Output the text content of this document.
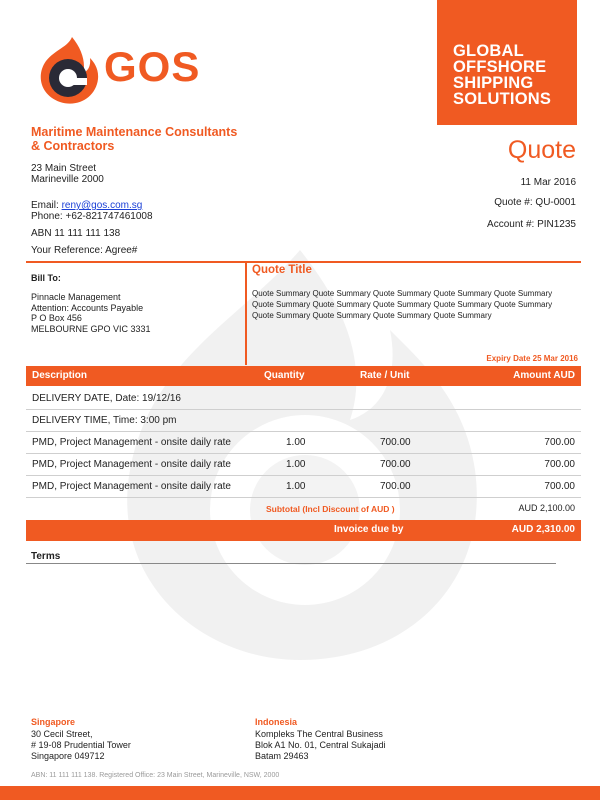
GOS	GLOBAL
OFFSHORE
SHIPPING
SOLUTIONS
Maritime Maintenance Consultants
& Contractors
23 Main Street
Marineville 2000
Email: reny@gos.com.sg
Phone: +62-821747461008
ABN 11 111 111 138
Your Reference: Agree#
Quote
11 Mar 2016
Quote #: QU-0001
Account #: PIN1235
Bill To:
Pinnacle Management
Attention: Accounts Payable
P O Box 456
MELBOURNE GPO VIC 3331
Quote Title
Quote Summary Quote Summary Quote Summary Quote Summary Quote Summary
Quote Summary Quote Summary Quote Summary Quote Summary Quote Summary
Quote Summary Quote Summary Quote Summary Quote Summary
Expiry Date 25 Mar 2016
Description	Quantity	Rate / Unit	Amount AUD
DELIVERY DATE, Date: 19/12/16
DELIVERY TIME, Time: 3:00 pm
PMD, Project Management - onsite daily rate	1.00	700.00	700.00
PMD, Project Management - onsite daily rate	1.00	700.00	700.00
PMD, Project Management - onsite daily rate	1.00	700.00	700.00
Subtotal (Incl Discount of AUD )	AUD 2,100.00
Invoice due by	AUD 2,310.00
Terms
Singapore
30 Cecil Street,
# 19-08 Prudential Tower
Singapore 049712
Indonesia
Kompleks The Central Business
Blok A1 No. 01, Central Sukajadi
Batam 29463
ABN: 11 111 111 138. Registered Office: 23 Main Street, Marineville, NSW, 2000
